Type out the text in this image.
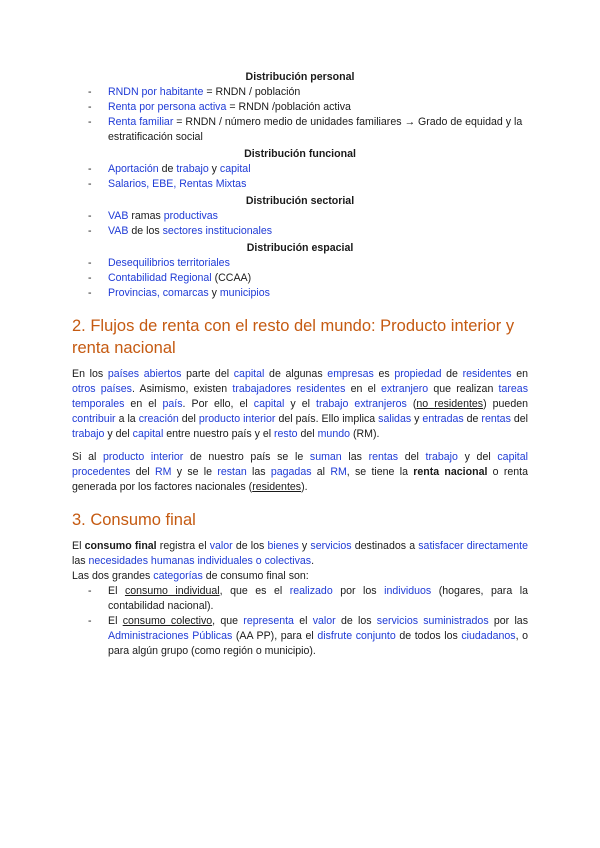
Distribución personal

- RNDN por habitante = RNDN / población
- Renta por persona activa = RNDN /población activa
- Renta familiar = RNDN / número medio de unidades familiares → Grado de equidad y la estratificación social

Distribución funcional

- Aportación de trabajo y capital
- Salarios, EBE, Rentas Mixtas

Distribución sectorial

- VAB ramas productivas
- VAB de los sectores institucionales

Distribución espacial

- Desequilibrios territoriales
- Contabilidad Regional (CCAA)
- Provincias, comarcas y municipios
2. Flujos de renta con el resto del mundo: Producto interior y renta nacional

En los países abiertos parte del capital de algunas empresas es propiedad de residentes en otros países. Asimismo, existen trabajadores residentes en el extranjero que realizan tareas temporales en el país. Por ello, el capital y el trabajo extranjeros (no residentes) pueden contribuir a la creación del producto interior del país. Ello implica salidas y entradas de rentas del trabajo y del capital entre nuestro país y el resto del mundo (RM).

Si al producto interior de nuestro país se le suman las rentas del trabajo y del capital procedentes del RM y se le restan las pagadas al RM, se tiene la renta nacional o renta generada por los factores nacionales (residentes).

3. Consumo final

El consumo final registra el valor de los bienes y servicios destinados a satisfacer directamente las necesidades humanas individuales o colectivas.

Las dos grandes categorías de consumo final son:

- El consumo individual, que es el realizado por los individuos (hogares, para la contabilidad nacional).
- El consumo colectivo, que representa el valor de los servicios suministrados por las Administraciones Públicas (AA PP), para el disfrute conjunto de todos los ciudadanos, o para algún grupo (como región o municipio).
